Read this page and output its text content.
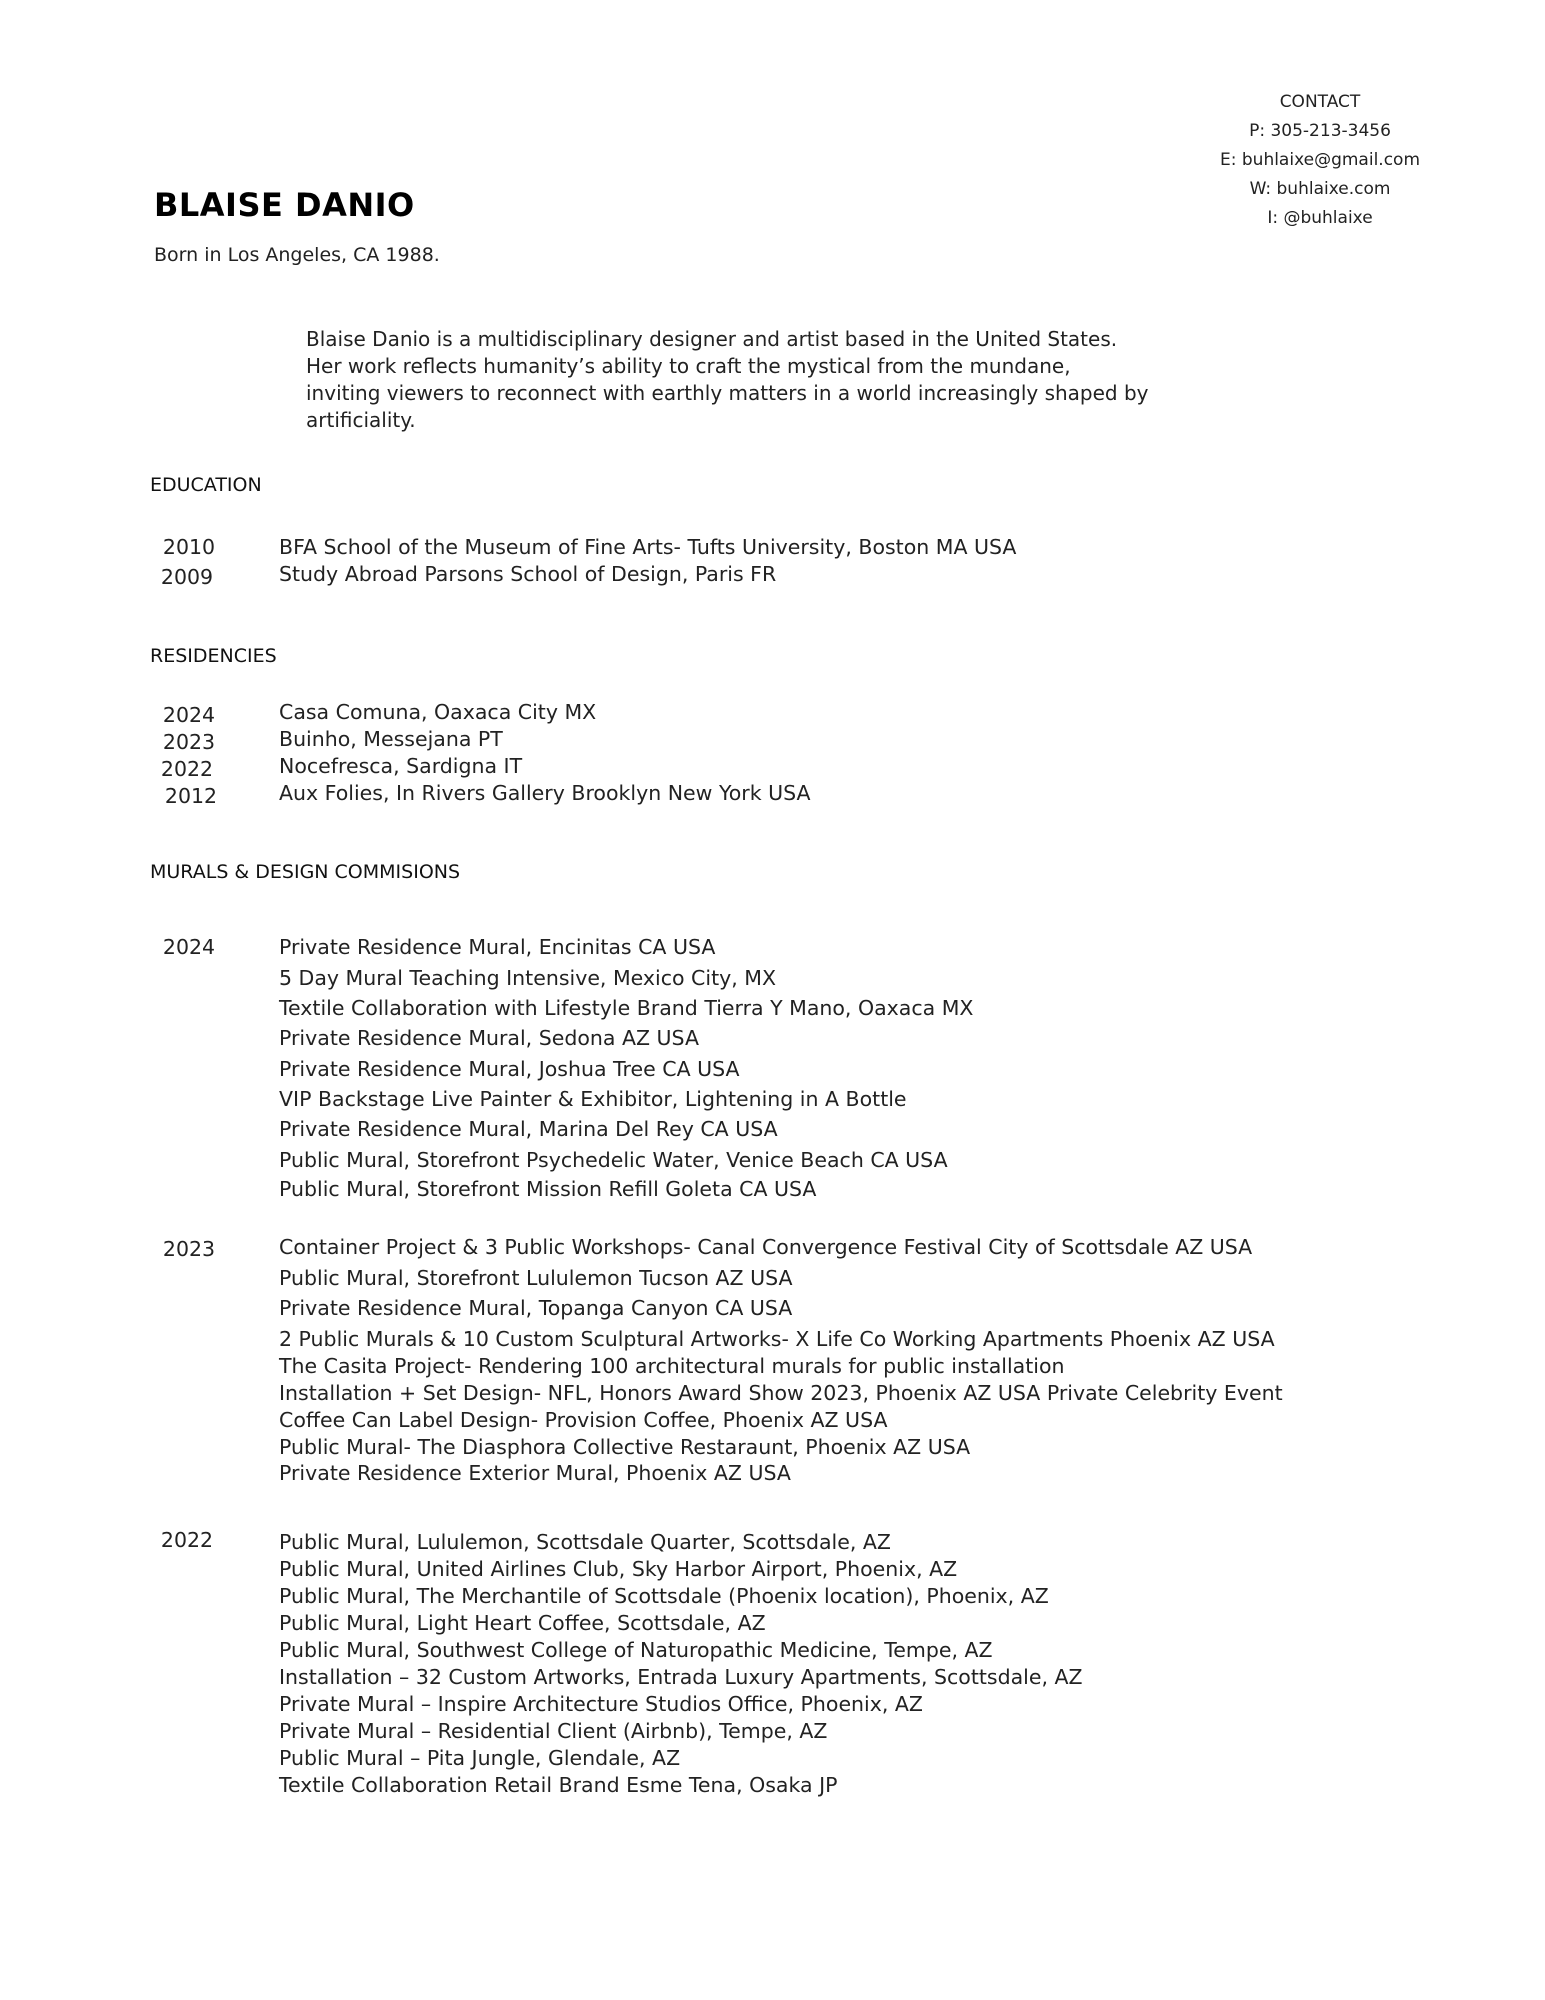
CONTACT
P: 305-213-3456
E: buhlaixe@gmail.com
W: buhlaixe.com
I: @buhlaixe
BLAISE DANIO
Born in Los Angeles, CA 1988.
Blaise Danio is a multidisciplinary designer and artist based in the United States.
Her work reflects humanity’s ability to craft the mystical from the mundane,
inviting viewers to reconnect with earthly matters in a world increasingly shaped by
artificiality.
EDUCATION
2010	BFA School of the Museum of Fine Arts- Tufts University, Boston MA USA
2009	Study Abroad Parsons School of Design, Paris FR
RESIDENCIES
2024	Casa Comuna, Oaxaca City MX
2023	Buinho, Messejana PT
2022	Nocefresca, Sardigna IT
2012	Aux Folies, In Rivers Gallery Brooklyn New York USA
MURALS & DESIGN COMMISIONS
2024	Private Residence Mural, Encinitas CA USA
5 Day Mural Teaching Intensive, Mexico City, MX
Textile Collaboration with Lifestyle Brand Tierra Y Mano, Oaxaca MX
Private Residence Mural, Sedona AZ USA
Private Residence Mural, Joshua Tree CA USA
VIP Backstage Live Painter & Exhibitor, Lightening in A Bottle
Private Residence Mural, Marina Del Rey CA USA
Public Mural, Storefront Psychedelic Water, Venice Beach CA USA
Public Mural, Storefront Mission Refill Goleta CA USA
2023	Container Project & 3 Public Workshops- Canal Convergence Festival City of Scottsdale AZ USA
Public Mural, Storefront Lululemon Tucson AZ USA
Private Residence Mural, Topanga Canyon CA USA
2 Public Murals & 10 Custom Sculptural Artworks- X Life Co Working Apartments Phoenix AZ USA
The Casita Project- Rendering 100 architectural murals for public installation
Installation + Set Design- NFL, Honors Award Show 2023, Phoenix AZ USA Private Celebrity Event
Coffee Can Label Design- Provision Coffee, Phoenix AZ USA
Public Mural- The Diasphora Collective Restaraunt, Phoenix AZ USA
Private Residence Exterior Mural, Phoenix AZ USA
2022	Public Mural, Lululemon, Scottsdale Quarter, Scottsdale, AZ
Public Mural, United Airlines Club, Sky Harbor Airport, Phoenix, AZ
Public Mural, The Merchantile of Scottsdale (Phoenix location), Phoenix, AZ
Public Mural, Light Heart Coffee, Scottsdale, AZ
Public Mural, Southwest College of Naturopathic Medicine, Tempe, AZ
Installation – 32 Custom Artworks, Entrada Luxury Apartments, Scottsdale, AZ
Private Mural – Inspire Architecture Studios Office, Phoenix, AZ
Private Mural – Residential Client (Airbnb), Tempe, AZ
Public Mural – Pita Jungle, Glendale, AZ
Textile Collaboration Retail Brand Esme Tena, Osaka JP
